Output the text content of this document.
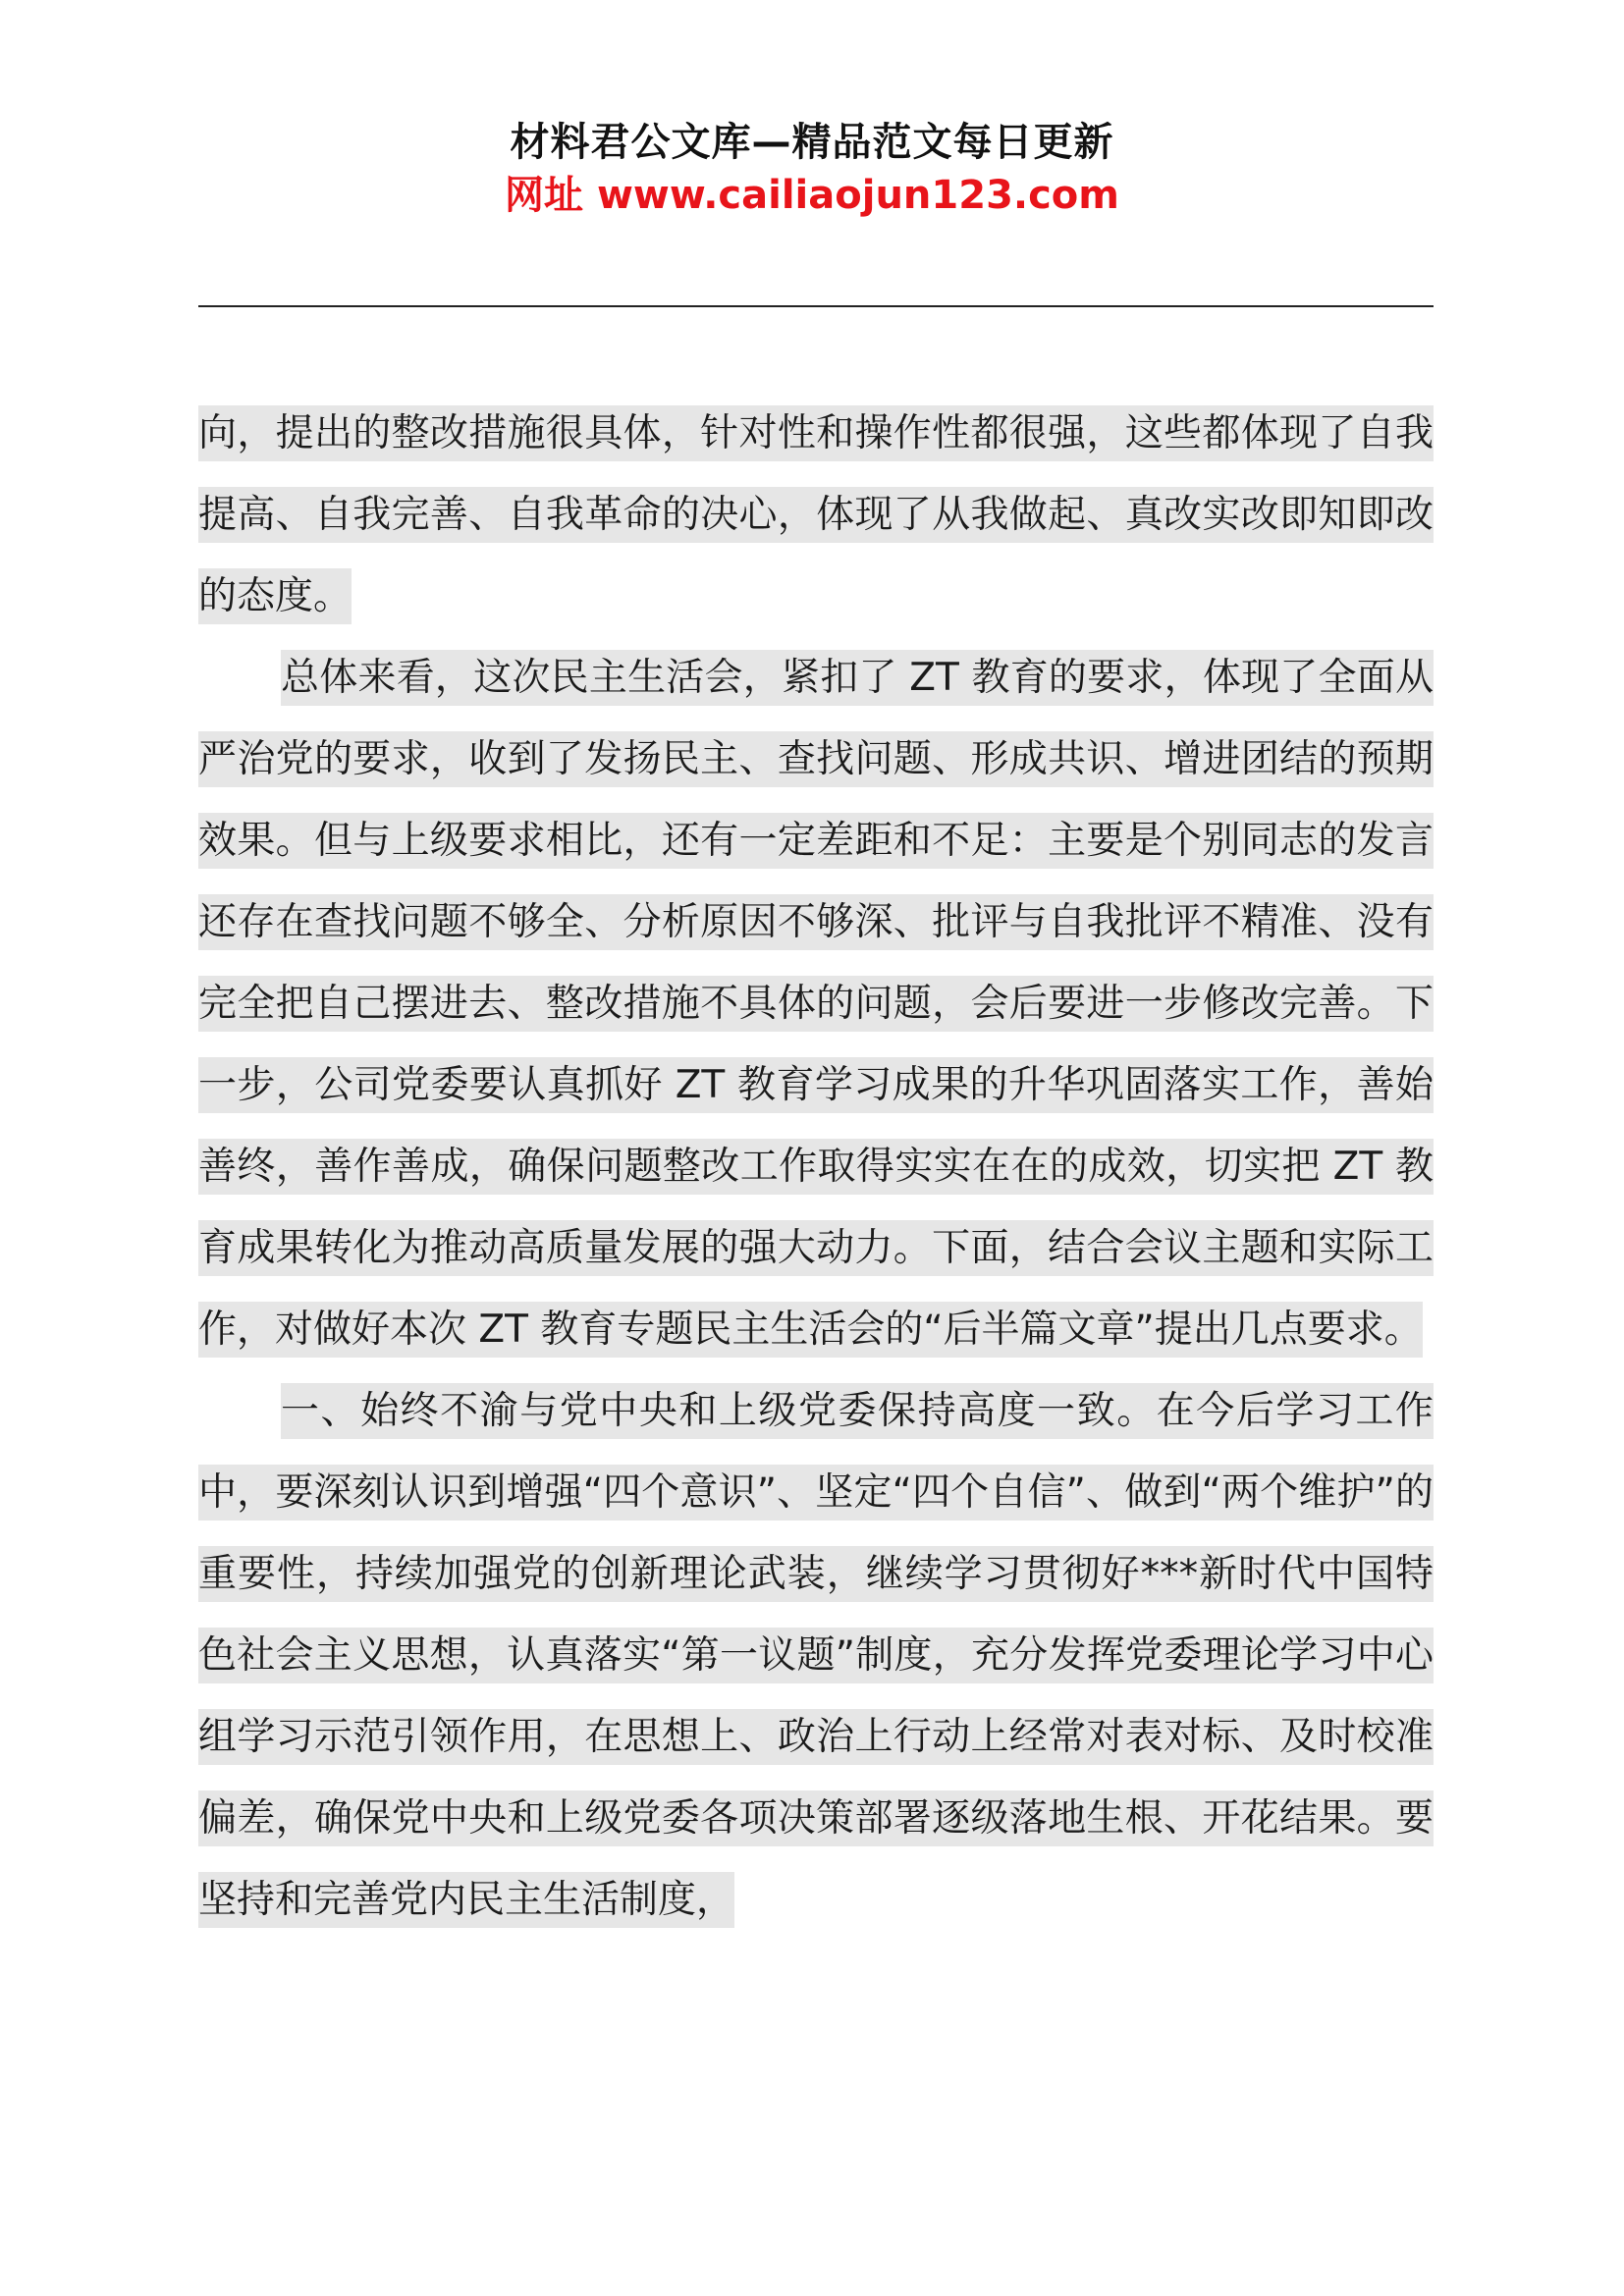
材料君公文库—精品范文每日更新
网址 www.cailiaojun123.com

向，提出的整改措施很具体，针对性和操作性都很强，这些都体现了自我提高、自我完善、自我革命的决心，体现了从我做起、真改实改即知即改的态度。

总体来看，这次民主生活会，紧扣了 ZT 教育的要求，体现了全面从严治党的要求，收到了发扬民主、查找问题、形成共识、增进团结的预期效果。但与上级要求相比，还有一定差距和不足：主要是个别同志的发言还存在查找问题不够全、分析原因不够深、批评与自我批评不精准、没有完全把自己摆进去、整改措施不具体的问题，会后要进一步修改完善。下一步，公司党委要认真抓好 ZT 教育学习成果的升华巩固落实工作，善始善终，善作善成，确保问题整改工作取得实实在在的成效，切实把 ZT 教育成果转化为推动高质量发展的强大动力。下面，结合会议主题和实际工作，对做好本次 ZT 教育专题民主生活会的“后半篇文章”提出几点要求。

一、始终不渝与党中央和上级党委保持高度一致。在今后学习工作中，要深刻认识到增强“四个意识”、坚定“四个自信”、做到“两个维护”的重要性，持续加强党的创新理论武装，继续学习贯彻好***新时代中国特色社会主义思想，认真落实“第一议题”制度，充分发挥党委理论学习中心组学习示范引领作用，在思想上、政治上行动上经常对表对标、及时校准偏差，确保党中央和上级党委各项决策部署逐级落地生根、开花结果。要坚持和完善党内民主生活制度，
